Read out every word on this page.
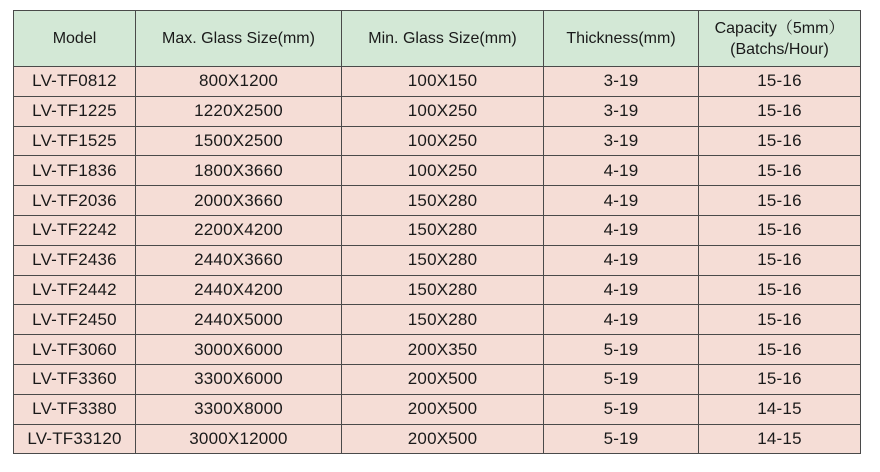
Model	Max. Glass Size(mm)	Min. Glass Size(mm)	Thickness(mm)	Capacity（5mm）
(Batchs/Hour)

LV-TF0812	800X1200	100X150	3-19	15-16
LV-TF1225	1220X2500	100X250	3-19	15-16
LV-TF1525	1500X2500	100X250	3-19	15-16
LV-TF1836	1800X3660	100X250	4-19	15-16
LV-TF2036	2000X3660	150X280	4-19	15-16
LV-TF2242	2200X4200	150X280	4-19	15-16
LV-TF2436	2440X3660	150X280	4-19	15-16
LV-TF2442	2440X4200	150X280	4-19	15-16
LV-TF2450	2440X5000	150X280	4-19	15-16
LV-TF3060	3000X6000	200X350	5-19	15-16
LV-TF3360	3300X6000	200X500	5-19	15-16
LV-TF3380	3300X8000	200X500	5-19	14-15
LV-TF33120	3000X12000	200X500	5-19	14-15
